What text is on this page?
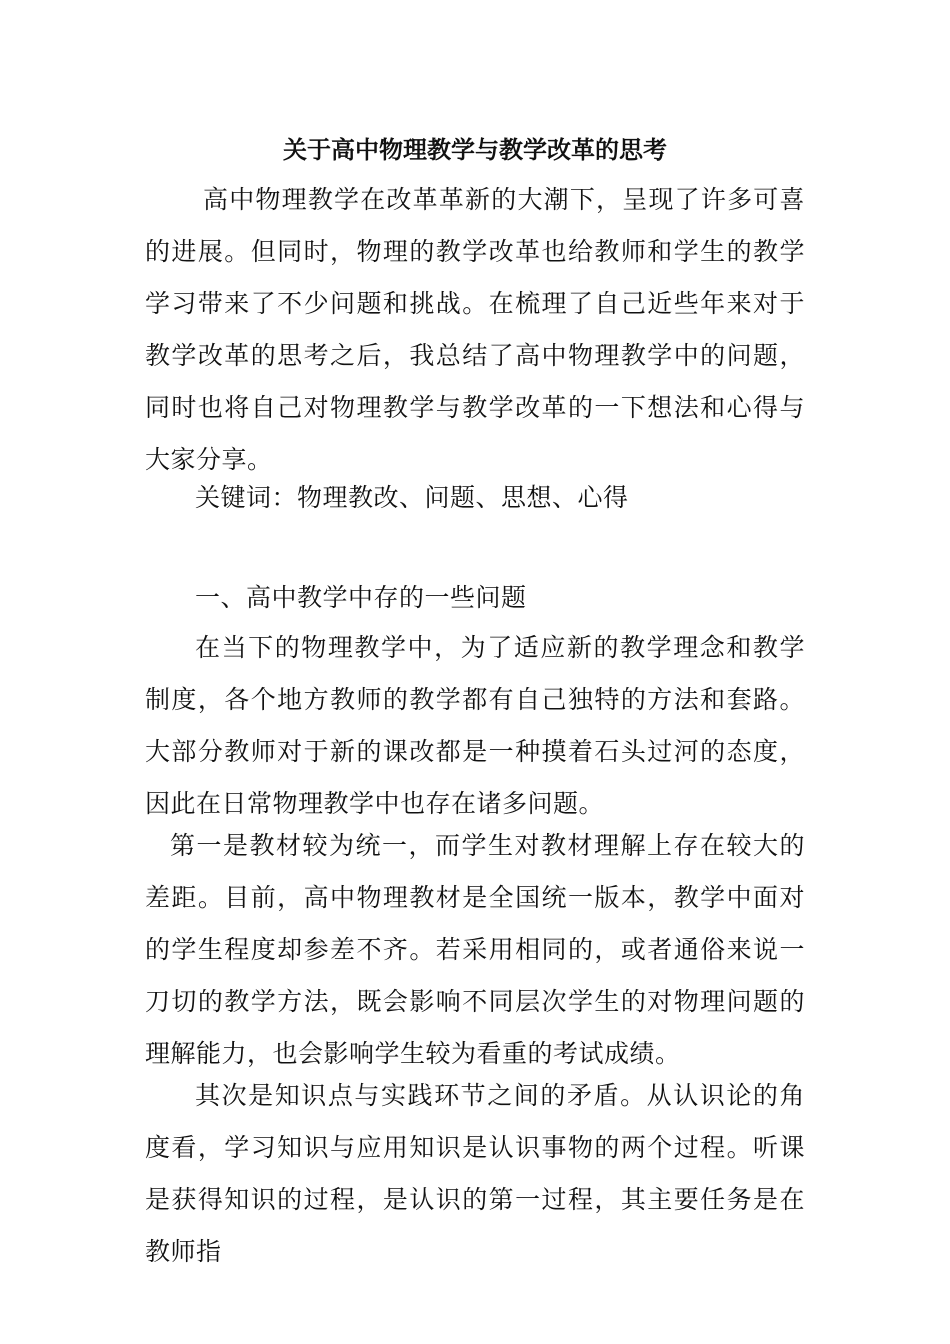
关于高中物理教学与教学改革的思考

高中物理教学在改革革新的大潮下，呈现了许多可喜的进展。但同时，物理的教学改革也给教师和学生的教学学习带来了不少问题和挑战。在梳理了自己近些年来对于教学改革的思考之后，我总结了高中物理教学中的问题，同时也将自己对物理教学与教学改革的一下想法和心得与大家分享。

关键词：物理教改、问题、思想、心得

一、高中教学中存的一些问题

在当下的物理教学中，为了适应新的教学理念和教学制度，各个地方教师的教学都有自己独特的方法和套路。大部分教师对于新的课改都是一种摸着石头过河的态度，因此在日常物理教学中也存在诸多问题。

第一是教材较为统一，而学生对教材理解上存在较大的差距。目前，高中物理教材是全国统一版本，教学中面对的学生程度却参差不齐。若采用相同的，或者通俗来说一刀切的教学方法，既会影响不同层次学生的对物理问题的理解能力，也会影响学生较为看重的考试成绩。

其次是知识点与实践环节之间的矛盾。从认识论的角度看，学习知识与应用知识是认识事物的两个过程。听课是获得知识的过程，是认识的第一过程，其主要任务是在教师指
